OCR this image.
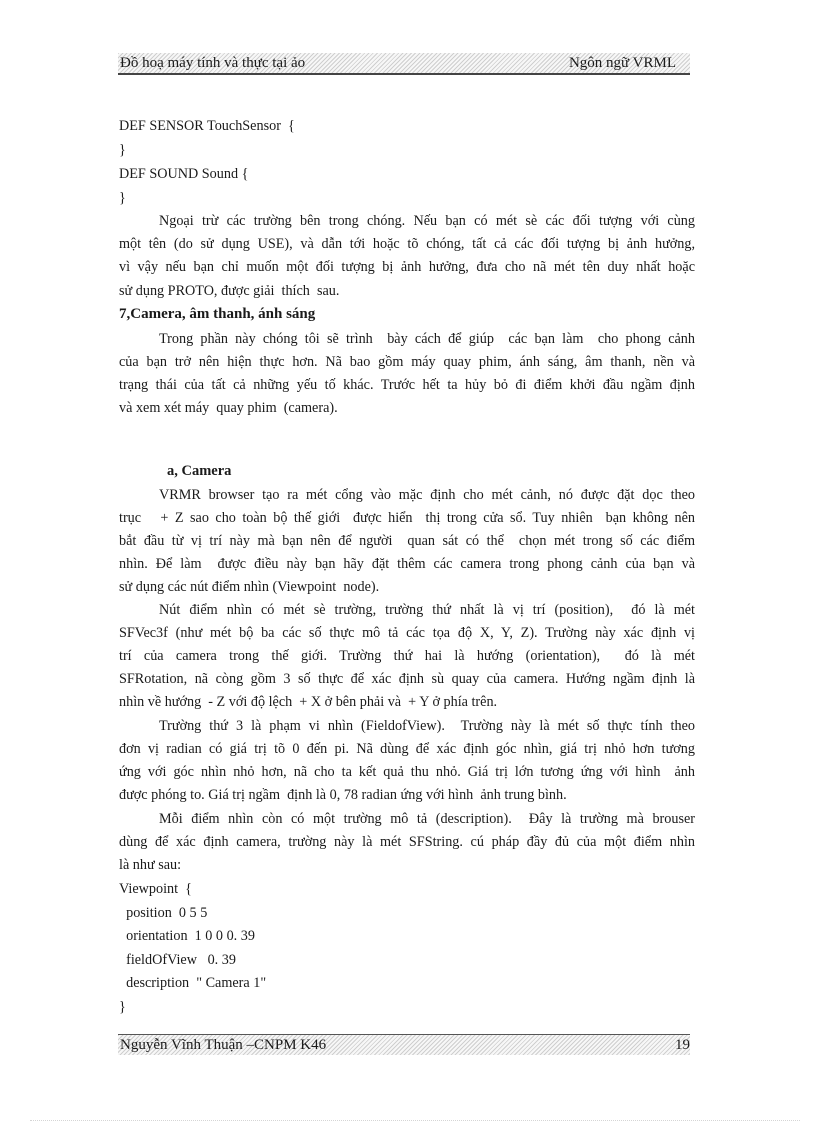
Đồ hoạ máy tính và thực tại ảo	Ngôn ngữ VRML
DEF SENSOR TouchSensor  {
}
DEF SOUND Sound {
}
Ngoại trừ các trường bên trong chóng. Nếu bạn có mét sè các đối tượng với cùng
một tên (do sử dụng USE), và dẫn tới hoặc tõ chóng, tất cả các đối tượng bị ảnh hưởng,
vì vậy nếu bạn chỉ muốn một đối tượng bị ảnh hưởng, đưa cho nã mét tên duy nhất hoặc
sử dụng PROTO, được giải  thích  sau.
7,Camera, âm thanh, ánh sáng
Trong phần này chóng tôi sẽ trình  bày cách để giúp  các bạn làm  cho phong cảnh
của bạn trở nên hiện thực hơn. Nã bao gồm máy quay phim, ánh sáng, âm thanh, nền và
trạng thái của tất cả những yếu tố khác. Trước hết ta hủy bỏ đi điểm khởi đầu ngầm định
và xem xét máy  quay phim  (camera).
a, Camera
VRMR browser tạo ra mét cổng vào mặc định cho mét cảnh, nó được đặt dọc theo
trục   + Z sao cho toàn bộ thế giới  được hiển  thị trong cửa sổ. Tuy nhiên  bạn không nên
bắt đầu từ vị trí này mà bạn nên để người  quan sát có thể  chọn mét trong số các điểm
nhìn. Để làm  được điều này bạn hãy đặt thêm các camera trong phong cảnh của bạn và
sử dụng các nút điểm nhìn (Viewpoint  node).
Nút điểm nhìn có mét sè trường, trường thứ nhất là vị trí (position),  đó là mét
SFVec3f (như mét bộ ba các số thực mô tả các tọa độ X, Y, Z). Trường này xác định vị
trí của camera trong thế giới. Trường thứ hai là hướng (orientation),  đó là mét
SFRotation, nã còng gồm 3 số thực để xác định sù quay của camera. Hướng ngầm định là
nhìn về hướng  - Z với độ lệch  + X ở bên phải và  + Y ở phía trên.
Trường thứ 3 là phạm vi nhìn (FieldofView).  Trường này là mét số thực tính theo
đơn vị radian có giá trị tõ 0 đến pi. Nã dùng để xác định góc nhìn, giá trị nhỏ hơn tương
ứng với góc nhìn nhỏ hơn, nã cho ta kết quả thu nhỏ. Giá trị lớn tương ứng với hình  ảnh
được phóng to. Giá trị ngầm  định là 0, 78 radian ứng với hình  ảnh trung bình.
Mỗi điểm nhìn còn có một trường mô tả (description).  Đây là trường mà brouser
dùng để xác định camera, trường này là mét SFString. cú pháp đầy đủ của một điểm nhìn
là như sau:
Viewpoint  {
position  0 5 5
orientation  1 0 0 0. 39
fieldOfView   0. 39
description  " Camera 1"
}
Nguyễn Vĩnh Thuận –CNPM K46	19
